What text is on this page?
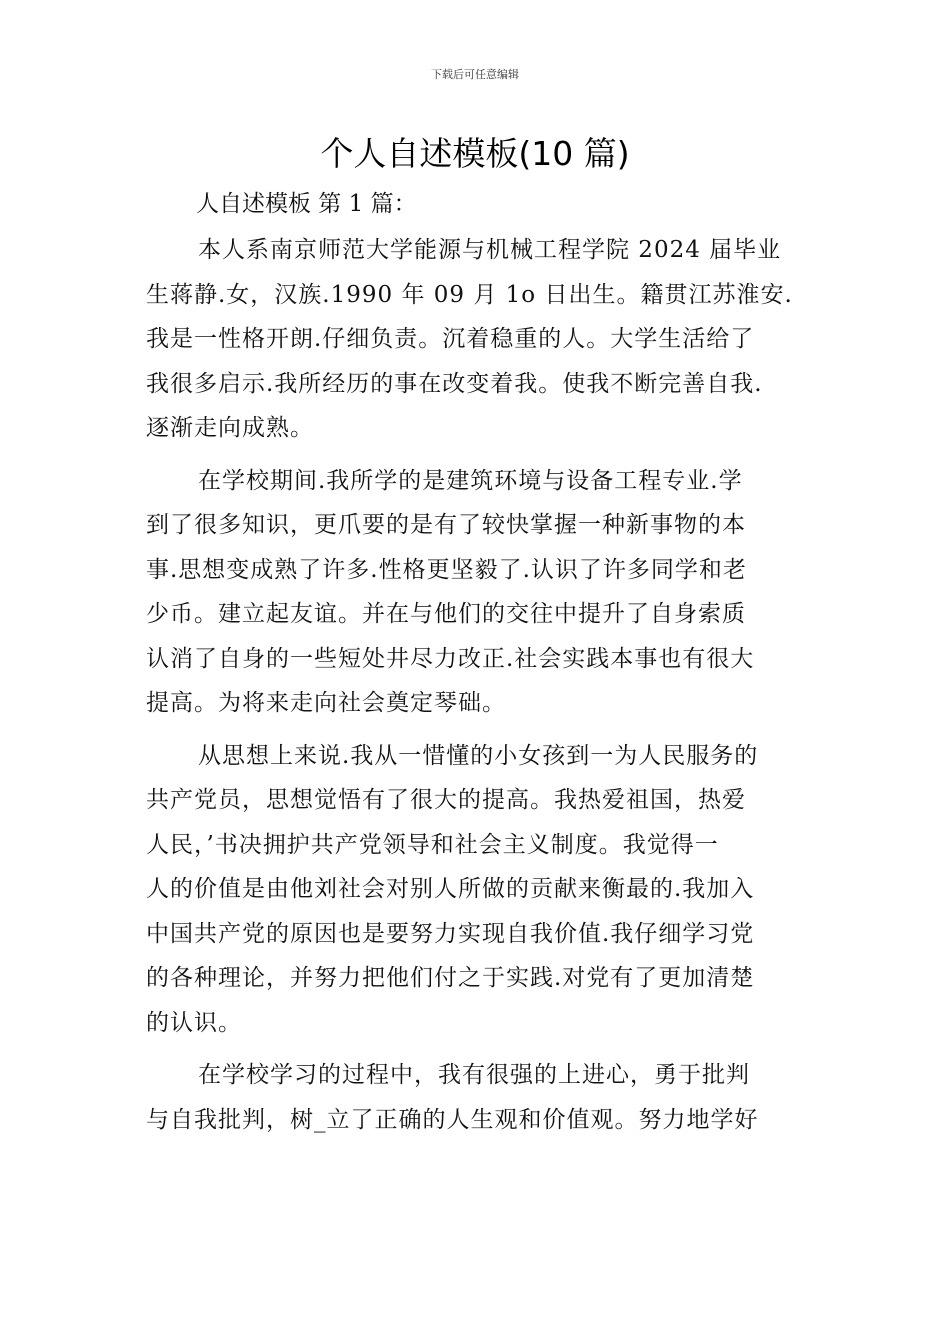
下载后可任意编辑
个人自述模板(10 篇)
人自述模板 第 1 篇：

本人系南京师范大学能源与机械工程学院 2024 届毕业
生蒋静.女，汉族.1990 年 09 月 1o 日出生。籍贯江苏淮安.
我是一性格开朗.仔细负责。沉着稳重的人。大学生活给了
我很多启示.我所经历的事在改变着我。使我不断完善自我.
逐渐走向成熟。

在学校期间.我所学的是建筑环境与设备工程专业.学
到了很多知识，更爪要的是有了较快掌握一种新事物的本
事.思想变成熟了许多.性格更坚毅了.认识了许多同学和老
少币。建立起友谊。并在与他们的交往中提升了自身索质
认消了自身的一些短处井尽力改正.社会实践本事也有很大
提高。为将来走向社会奠定琴础。

从思想上来说.我从一惜懂的小女孩到一为人民服务的
共产党员，思想觉悟有了很大的提高。我热爱祖国，热爱
人民，’书决拥护共产党领导和社会主义制度。我觉得一
人的价值是由他刘社会对别人所做的贡献来衡最的.我加入
中国共产党的原因也是要努力实现自我价值.我仔细学习党
的各种理论，并努力把他们付之于实践.对党有了更加清楚
的认识。

在学校学习的过程中，我有很强的上进心，勇于批判
与自我批判，树_立了正确的人生观和价值观。努力地学好
